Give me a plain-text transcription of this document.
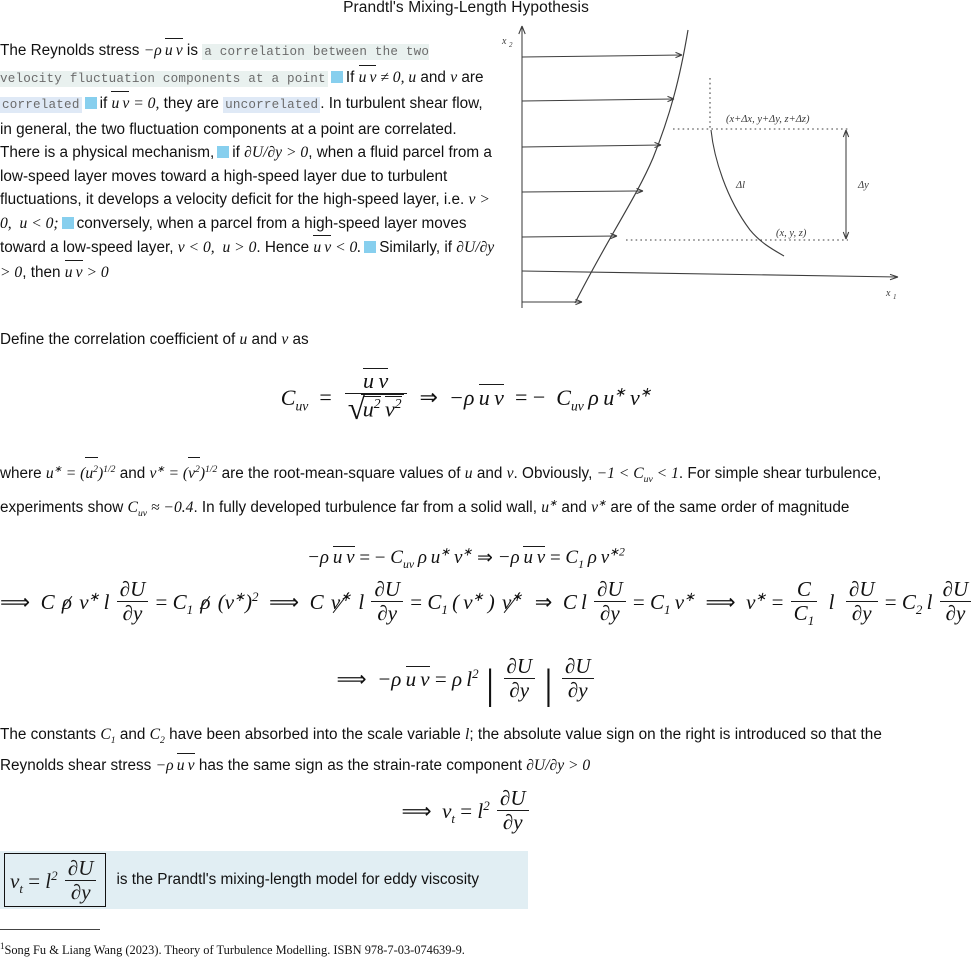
Prandtl's Mixing-Length Hypothesis
x 2
x 1
(x+Δx, y+Δy, z+Δz)
(x, y, z)
Δl	Δy
The Reynolds stress −ρ u v is a correlation between the two velocity fluctuation components at a point If u v ≠ 0, u and v are correlated if u v = 0, they are uncorrelated . In turbulent shear flow, in general, the two fluctuation components at a point are correlated. There is a physical mechanism, if ∂U/∂y > 0, when a fluid parcel from a low-speed layer moves toward a high-speed layer due to turbulent fluctuations, it develops a velocity deficit for the high-speed layer, i.e. v > 0, u < 0; conversely, when a parcel from a high-speed layer moves toward a low-speed layer, v < 0, u > 0. Hence u v < 0. Similarly, if ∂U/∂y > 0, then u v > 0
Define the correlation coefficient of u and v as
$C_{uv} = u$ v
√ $u^2$  $v^2$ ⇒  −ρ u v  = −  $C_{uv}$ ρ u∗ v∗
where $u^∗ = (u^2)^{1/2}$ and $v^∗ = (v^2)^{1/2}$ are the root-mean-square values of u and v. Obviously, $-1 < C_{uv} < 1$. For simple shear turbulence, experiments show $C_{uv} \approx -0.4$. In fully developed turbulence far from a solid wall, u∗ and v∗ are of the same order of magnitude
−ρ u v = − $C_{uv}$ ρ u∗ v∗ ⇒ −ρ u $v = C_1$ ρ $v^{∗2}$
⟹  C ρ v∗ l $\frac{\partial U}{\partial y} = C_1$ ρ $(v^∗)^2$  ⟹  C v∗ l $\frac{\partial U}{\partial y} = C_1$ ( v∗ ) v∗  ⇒  C l $\frac{\partial U}{\partial y} = C_1$ v∗  ⟹  $v^∗ = \frac{C}{C_1}$  l  $\frac{\partial U}{\partial y} = C_2$ l $\frac{\partial U}{\partial y}$
⟹  −ρ u v = ρ $l^2$ | $\frac{\partial U}{\partial y}$ | $\frac{\partial U}{\partial y}$
The constants $C_1$ and $C_2$ have been absorbed into the scale variable l; the absolute value sign on the right is introduced so that the Reynolds shear stress −ρ u v has the same sign as the strain-rate component ∂U/∂y > 0
⟹  $\nu_t = l^2 \frac{\partial U}{\partial y}$
$\nu_t = l^2 \frac{\partial U}{\partial y}$ is the Prandtl's mixing-length model for eddy viscosity
$^1$Song Fu & Liang Wang (2023). Theory of Turbulence Modelling. ISBN 978-7-03-074639-9.
